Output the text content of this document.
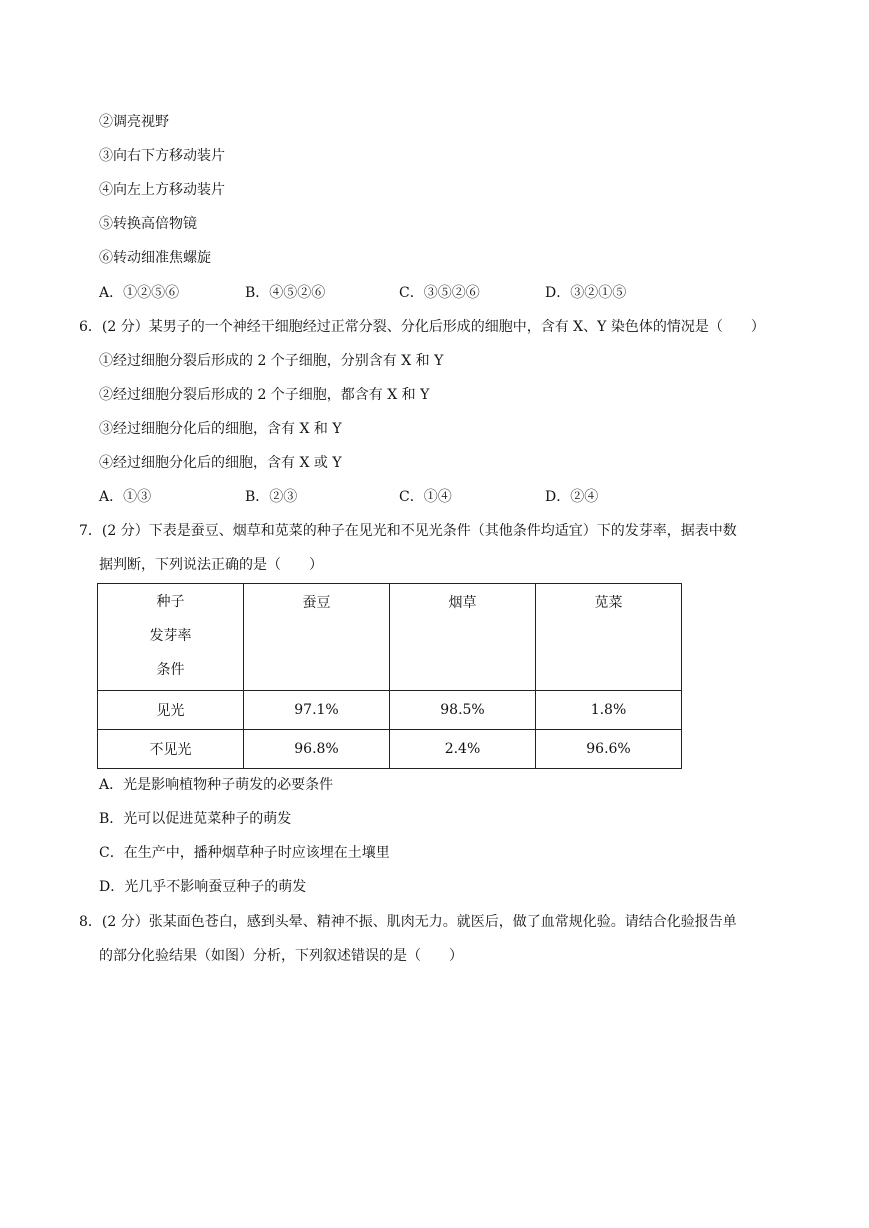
②调亮视野
③向右下方移动装片
④向左上方移动装片
⑤转换高倍物镜
⑥转动细准焦螺旋
A．①②⑤⑥	B．④⑤②⑥	C．③⑤②⑥	D．③②①⑤
6．(2 分）某男子的一个神经干细胞经过正常分裂、分化后形成的细胞中，含有 X、Y 染色体的情况是（　　）
①经过细胞分裂后形成的 2 个子细胞，分别含有 X 和 Y
②经过细胞分裂后形成的 2 个子细胞，都含有 X 和 Y
③经过细胞分化后的细胞，含有 X 和 Y
④经过细胞分化后的细胞，含有 X 或 Y
A．①③	B．②③	C．①④	D．②④
7．(2 分）下表是蚕豆、烟草和苋菜的种子在见光和不见光条件（其他条件均适宜）下的发芽率，据表中数
据判断，下列说法正确的是（　　）
种子
发芽率
条件	蚕豆	烟草	苋菜
见光	97.1%	98.5%	1.8%
不见光	96.8%	2.4%	96.6%
A．光是影响植物种子萌发的必要条件
B．光可以促进苋菜种子的萌发
C．在生产中，播种烟草种子时应该埋在土壤里
D．光几乎不影响蚕豆种子的萌发
8．(2 分）张某面色苍白，感到头晕、精神不振、肌肉无力。就医后，做了血常规化验。请结合化验报告单
的部分化验结果（如图）分析，下列叙述错误的是（　　）
